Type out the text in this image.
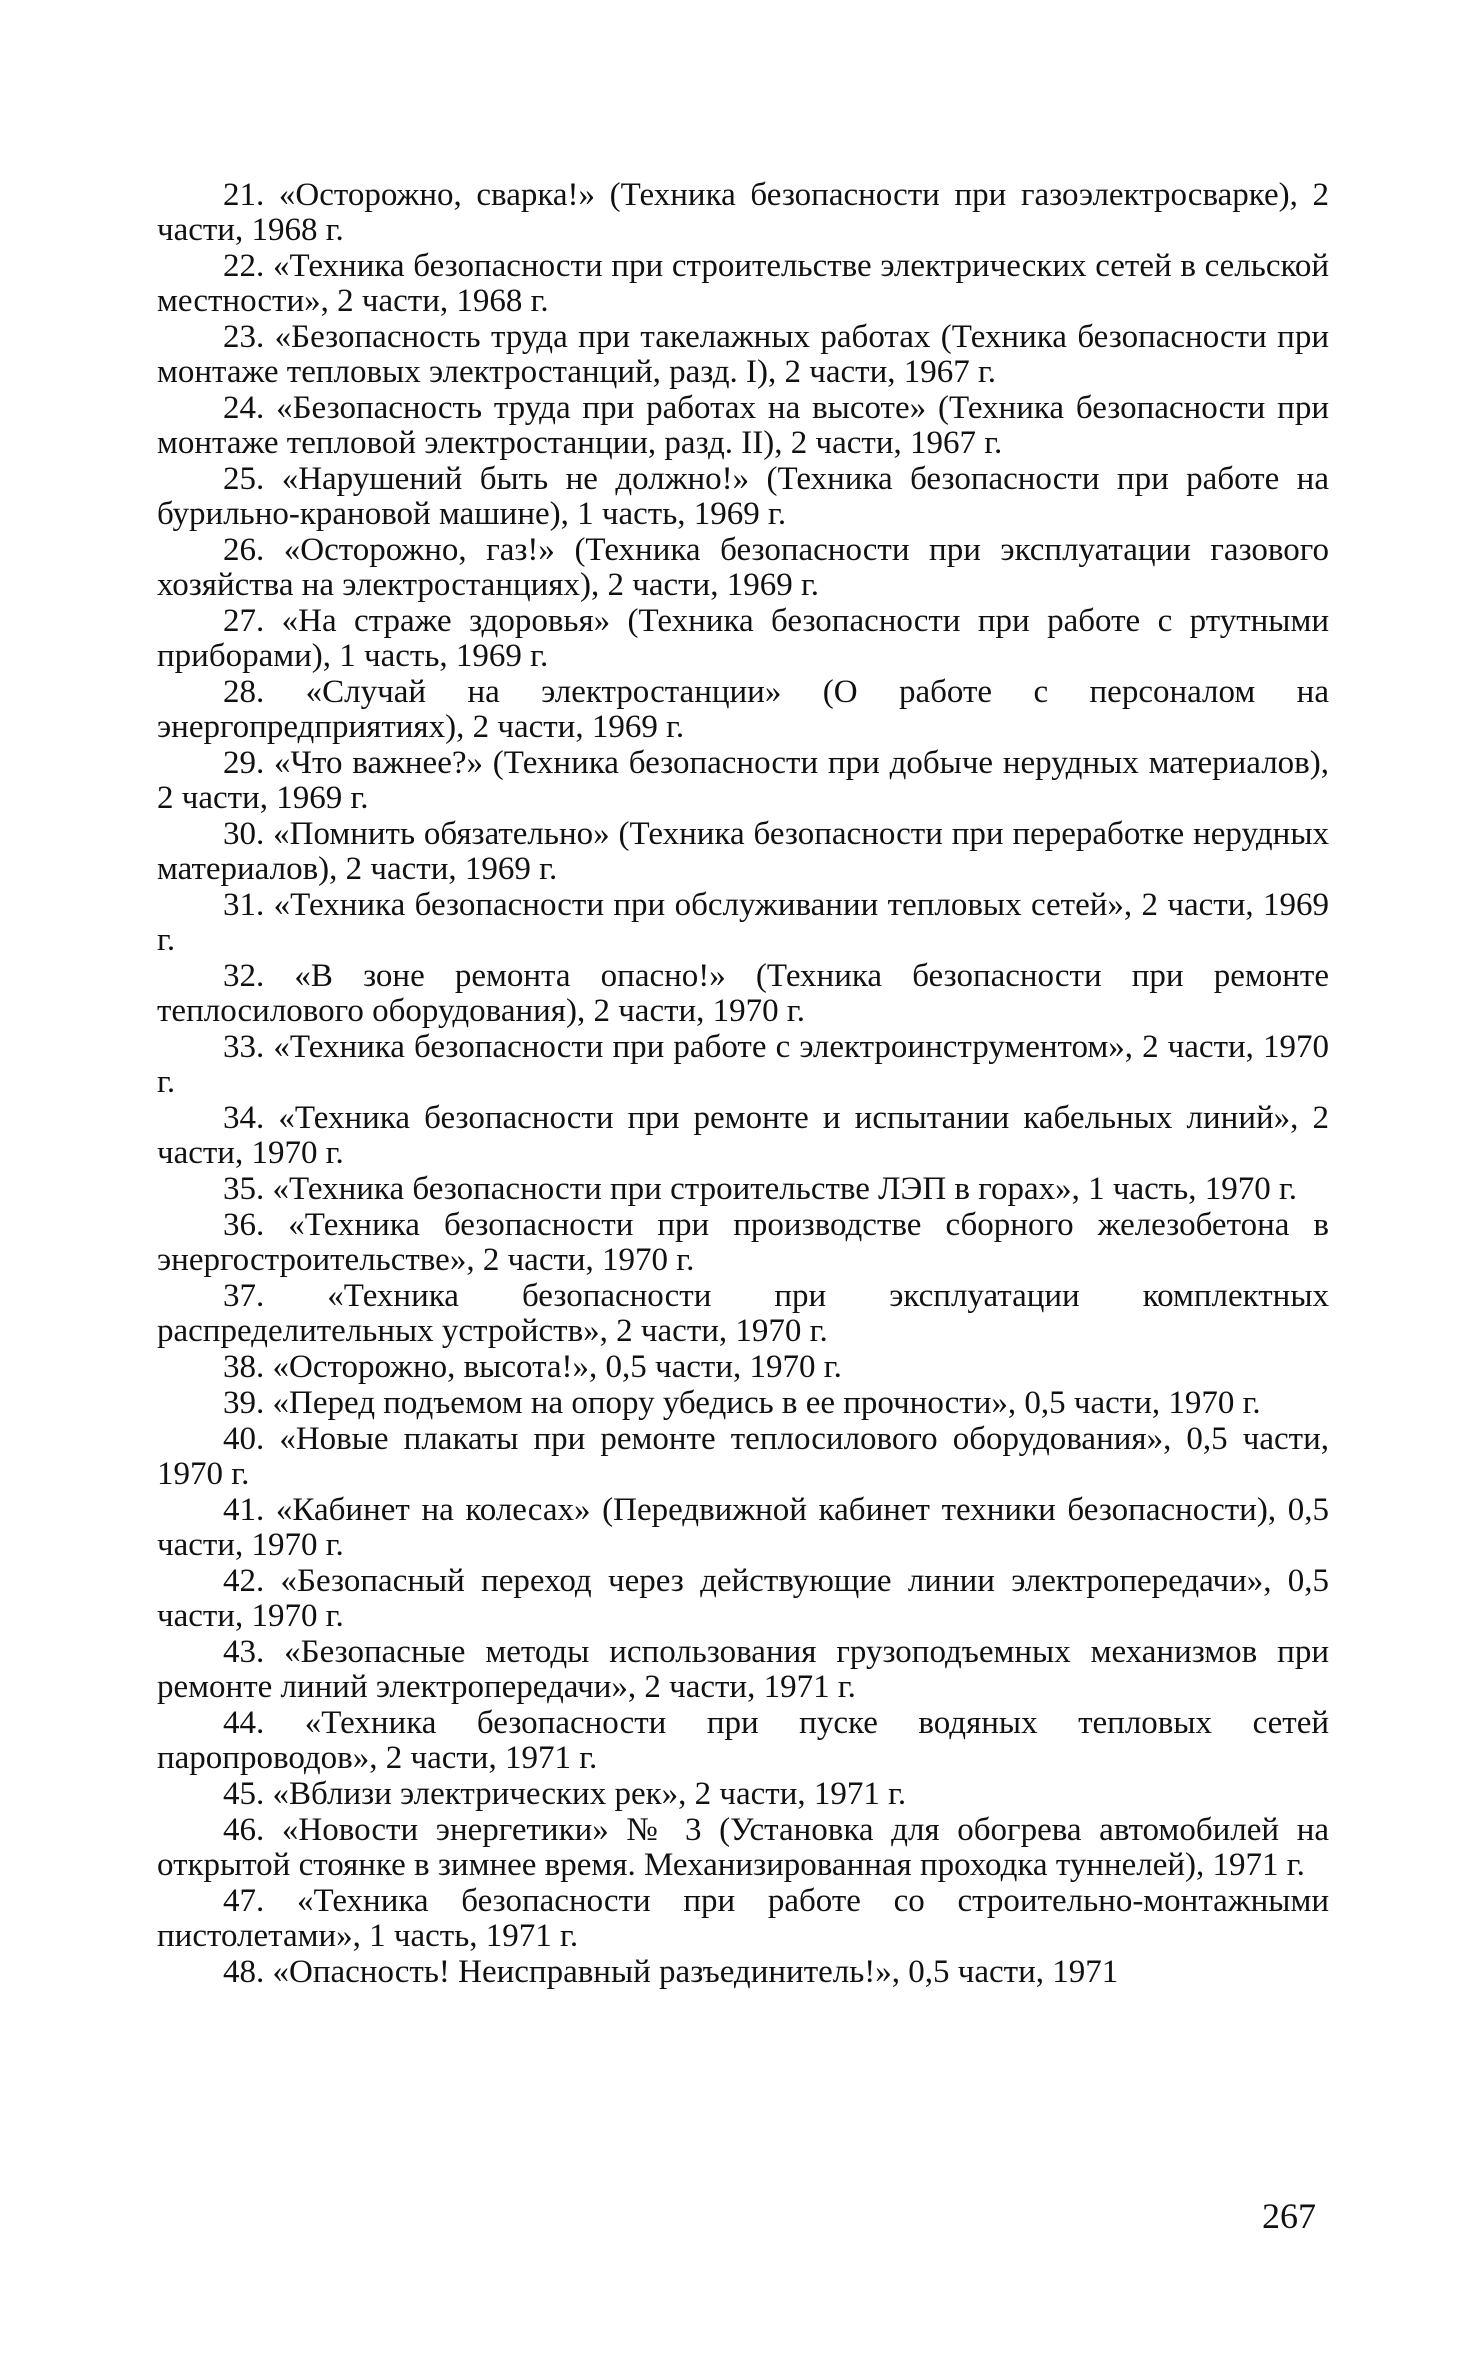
21. «Осторожно, сварка!» (Техника безопасности при газоэлектросварке), 2 части, 1968 г.

22. «Техника безопасности при строительстве электрических сетей в сельской местности», 2 части, 1968 г.

23. «Безопасность труда при такелажных работах (Техника безопасности при монтаже тепловых электростанций, разд. I), 2 части, 1967 г.

24. «Безопасность труда при работах на высоте» (Техника безопасности при монтаже тепловой электростанции, разд. II), 2 части, 1967 г.

25. «Нарушений быть не должно!» (Техника безопасности при работе на бурильно-крановой машине), 1 часть, 1969 г.

26. «Осторожно, газ!» (Техника безопасности при эксплуатации газового хозяйства на электростанциях), 2 части, 1969 г.

27. «На страже здоровья» (Техника безопасности при работе с ртутными приборами), 1 часть, 1969 г.

28. «Случай на электростанции» (О работе с персоналом на энергопредприятиях), 2 части, 1969 г.

29. «Что важнее?» (Техника безопасности при добыче нерудных материалов), 2 части, 1969 г.

30. «Помнить обязательно» (Техника безопасности при переработке нерудных материалов), 2 части, 1969 г.

31. «Техника безопасности при обслуживании тепловых сетей», 2 части, 1969 г.

32. «В зоне ремонта опасно!» (Техника безопасности при ремонте теплосилового оборудования), 2 части, 1970 г.

33. «Техника безопасности при работе с электроинструментом», 2 части, 1970 г.

34. «Техника безопасности при ремонте и испытании кабельных линий», 2 части, 1970 г.

35. «Техника безопасности при строительстве ЛЭП в горах», 1 часть, 1970 г.

36. «Техника безопасности при производстве сборного железобетона в энергостроительстве», 2 части, 1970 г.

37. «Техника безопасности при эксплуатации комплектных распределительных устройств», 2 части, 1970 г.

38. «Осторожно, высота!», 0,5 части, 1970 г.

39. «Перед подъемом на опору убедись в ее прочности», 0,5 части, 1970 г.

40. «Новые плакаты при ремонте теплосилового оборудования», 0,5 части, 1970 г.

41. «Кабинет на колесах» (Передвижной кабинет техники безопасности), 0,5 части, 1970 г.

42. «Безопасный переход через действующие линии электропередачи», 0,5 части, 1970 г.

43. «Безопасные методы использования грузоподъемных механизмов при ремонте линий электропередачи», 2 части, 1971 г.

44. «Техника безопасности при пуске водяных тепловых сетей паропроводов», 2 части, 1971 г.

45. «Вблизи электрических рек», 2 части, 1971 г.

46. «Новости энергетики» № 3 (Установка для обогрева автомобилей на открытой стоянке в зимнее время. Механизированная проходка туннелей), 1971 г.

47. «Техника безопасности при работе со строительно-монтажными пистолетами», 1 часть, 1971 г.

48. «Опасность! Неисправный разъединитель!», 0,5 части, 1971

267
